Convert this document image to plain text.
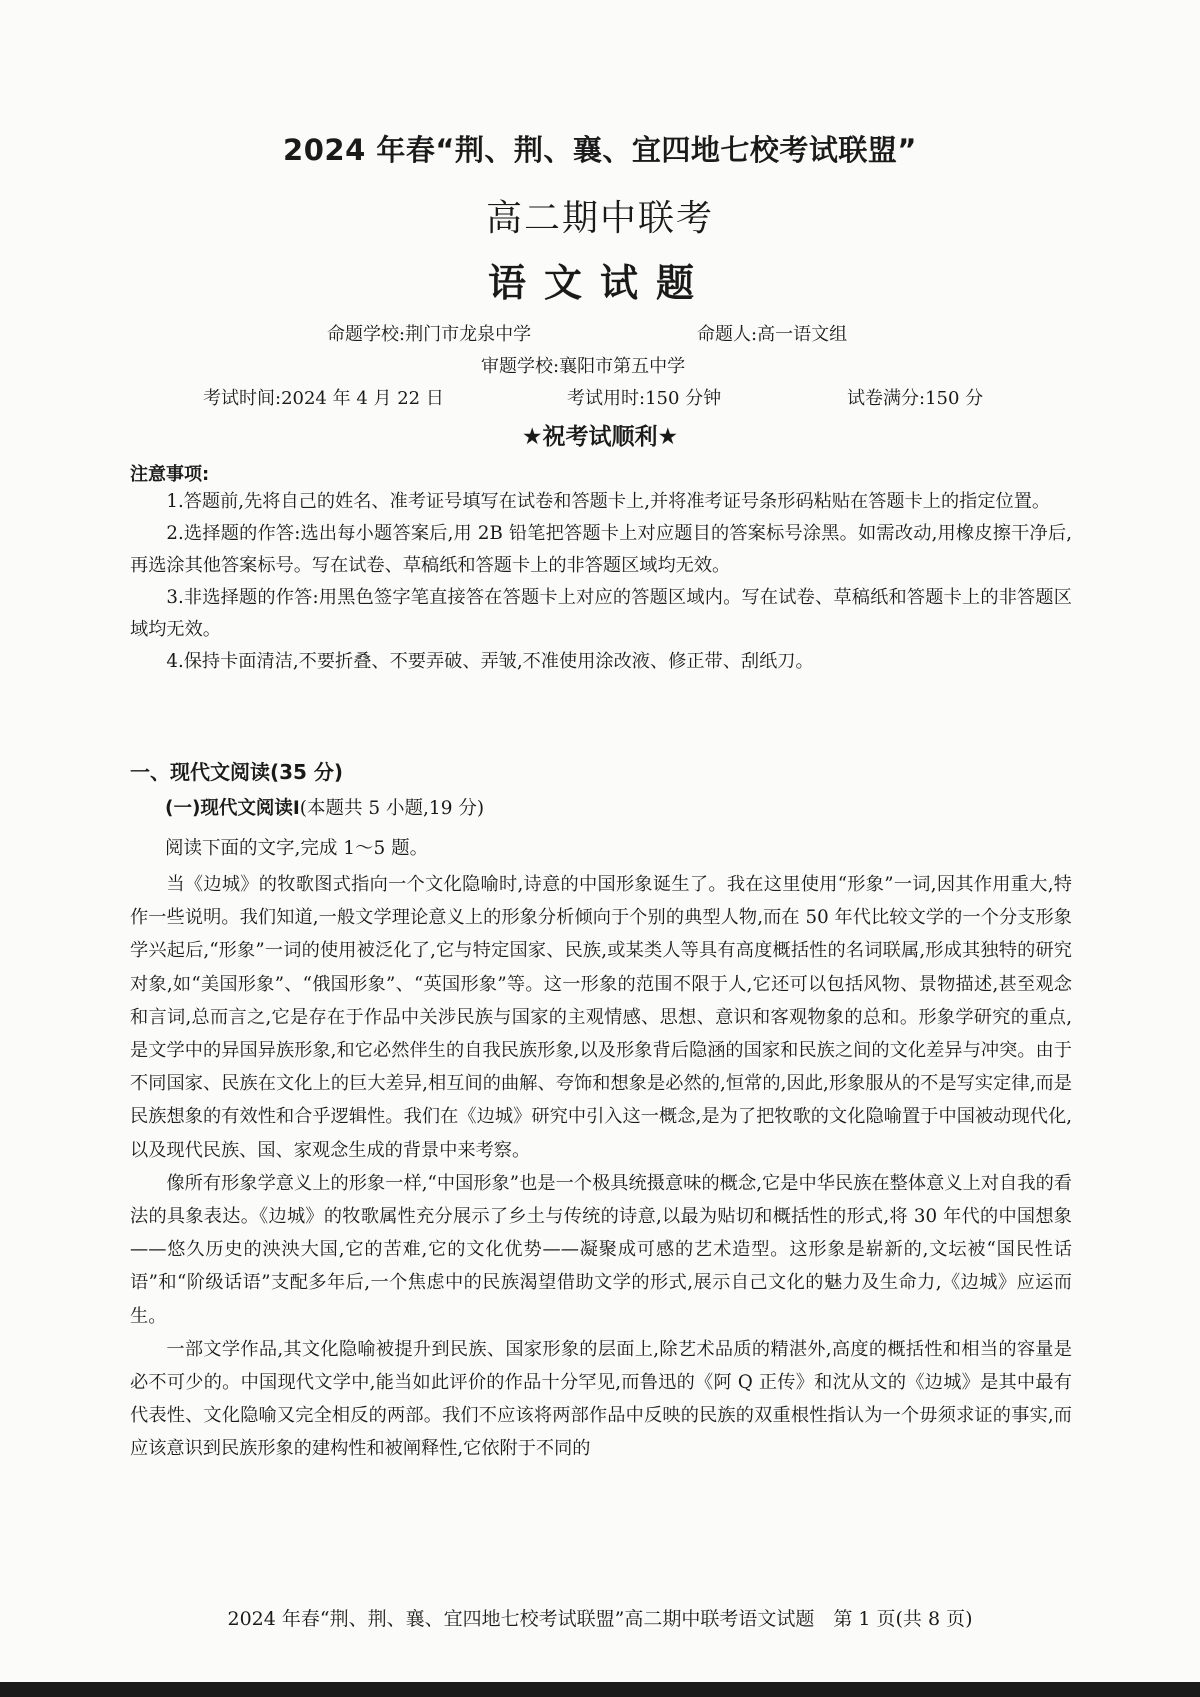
2024 年春“荆、荆、襄、宜四地七校考试联盟”
高二期中联考
语文试题
命题学校:荆门市龙泉中学	命题人:高一语文组
审题学校:襄阳市第五中学
考试时间:2024 年 4 月 22 日	考试用时:150 分钟	试卷满分:150 分
★祝考试顺利★
注意事项:

1.答题前,先将自己的姓名、准考证号填写在试卷和答题卡上,并将准考证号条形码粘贴在答题卡上的指定位置。

2.选择题的作答:选出每小题答案后,用 2B 铅笔把答题卡上对应题目的答案标号涂黑。如需改动,用橡皮擦干净后,再选涂其他答案标号。写在试卷、草稿纸和答题卡上的非答题区域均无效。

3.非选择题的作答:用黑色签字笔直接答在答题卡上对应的答题区域内。写在试卷、草稿纸和答题卡上的非答题区域均无效。

4.保持卡面清洁,不要折叠、不要弄破、弄皱,不准使用涂改液、修正带、刮纸刀。

一、现代文阅读(35 分)
(一)现代文阅读Ⅰ(本题共 5 小题,19 分)
阅读下面的文字,完成 1～5 题。

当《边城》的牧歌图式指向一个文化隐喻时,诗意的中国形象诞生了。我在这里使用“形象”一词,因其作用重大,特作一些说明。我们知道,一般文学理论意义上的形象分析倾向于个别的典型人物,而在 50 年代比较文学的一个分支形象学兴起后,“形象”一词的使用被泛化了,它与特定国家、民族,或某类人等具有高度概括性的名词联属,形成其独特的研究对象,如“美国形象”、“俄国形象”、“英国形象”等。这一形象的范围不限于人,它还可以包括风物、景物描述,甚至观念和言词,总而言之,它是存在于作品中关涉民族与国家的主观情感、思想、意识和客观物象的总和。形象学研究的重点,是文学中的异国异族形象,和它必然伴生的自我民族形象,以及形象背后隐涵的国家和民族之间的文化差异与冲突。由于不同国家、民族在文化上的巨大差异,相互间的曲解、夸饰和想象是必然的,恒常的,因此,形象服从的不是写实定律,而是民族想象的有效性和合乎逻辑性。我们在《边城》研究中引入这一概念,是为了把牧歌的文化隐喻置于中国被动现代化,以及现代民族、国、家观念生成的背景中来考察。

像所有形象学意义上的形象一样,“中国形象”也是一个极具统摄意味的概念,它是中华民族在整体意义上对自我的看法的具象表达。《边城》的牧歌属性充分展示了乡土与传统的诗意,以最为贴切和概括性的形式,将 30 年代的中国想象——悠久历史的泱泱大国,它的苦难,它的文化优势——凝聚成可感的艺术造型。这形象是崭新的,文坛被“国民性话语”和“阶级话语”支配多年后,一个焦虑中的民族渴望借助文学的形式,展示自己文化的魅力及生命力,《边城》应运而生。

一部文学作品,其文化隐喻被提升到民族、国家形象的层面上,除艺术品质的精湛外,高度的概括性和相当的容量是必不可少的。中国现代文学中,能当如此评价的作品十分罕见,而鲁迅的《阿 Q 正传》和沈从文的《边城》是其中最有代表性、文化隐喻又完全相反的两部。我们不应该将两部作品中反映的民族的双重根性指认为一个毋须求证的事实,而应该意识到民族形象的建构性和被阐释性,它依附于不同的

2024 年春“荆、荆、襄、宜四地七校考试联盟”高二期中联考语文试题　第 1 页(共 8 页)
